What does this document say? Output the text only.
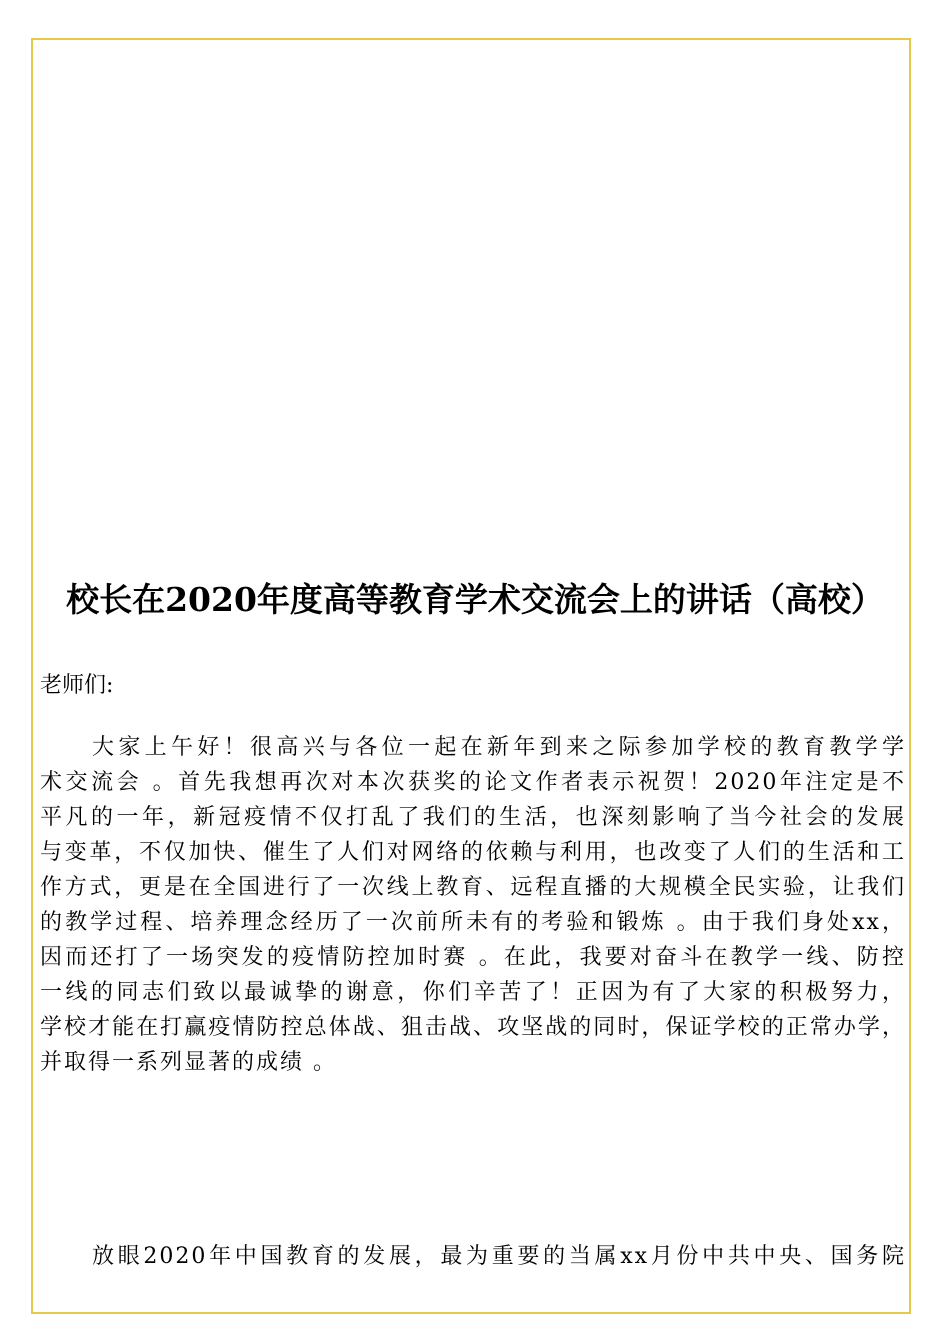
校长在2020年度高等教育学术交流会上的讲话（高校）

老师们:

大家上午好！很高兴与各位一起在新年到来之际参加学校的教育教学学
术交流会 。首先我想再次对本次获奖的论文作者表示祝贺！2020年注定是不
平凡的一年，新冠疫情不仅打乱了我们的生活，也深刻影响了当今社会的发展
与变革，不仅加快、催生了人们对网络的依赖与利用，也改变了人们的生活和工
作方式，更是在全国进行了一次线上教育、远程直播的大规模全民实验，让我们
的教学过程、培养理念经历了一次前所未有的考验和锻炼 。由于我们身处xx，
因而还打了一场突发的疫情防控加时赛 。在此，我要对奋斗在教学一线、防控
一线的同志们致以最诚挚的谢意，你们辛苦了！正因为有了大家的积极努力，
学校才能在打赢疫情防控总体战、狙击战、攻坚战的同时，保证学校的正常办学，
并取得一系列显著的成绩 。
放眼2020年中国教育的发展，最为重要的当属xx月份中共中央、国务院
